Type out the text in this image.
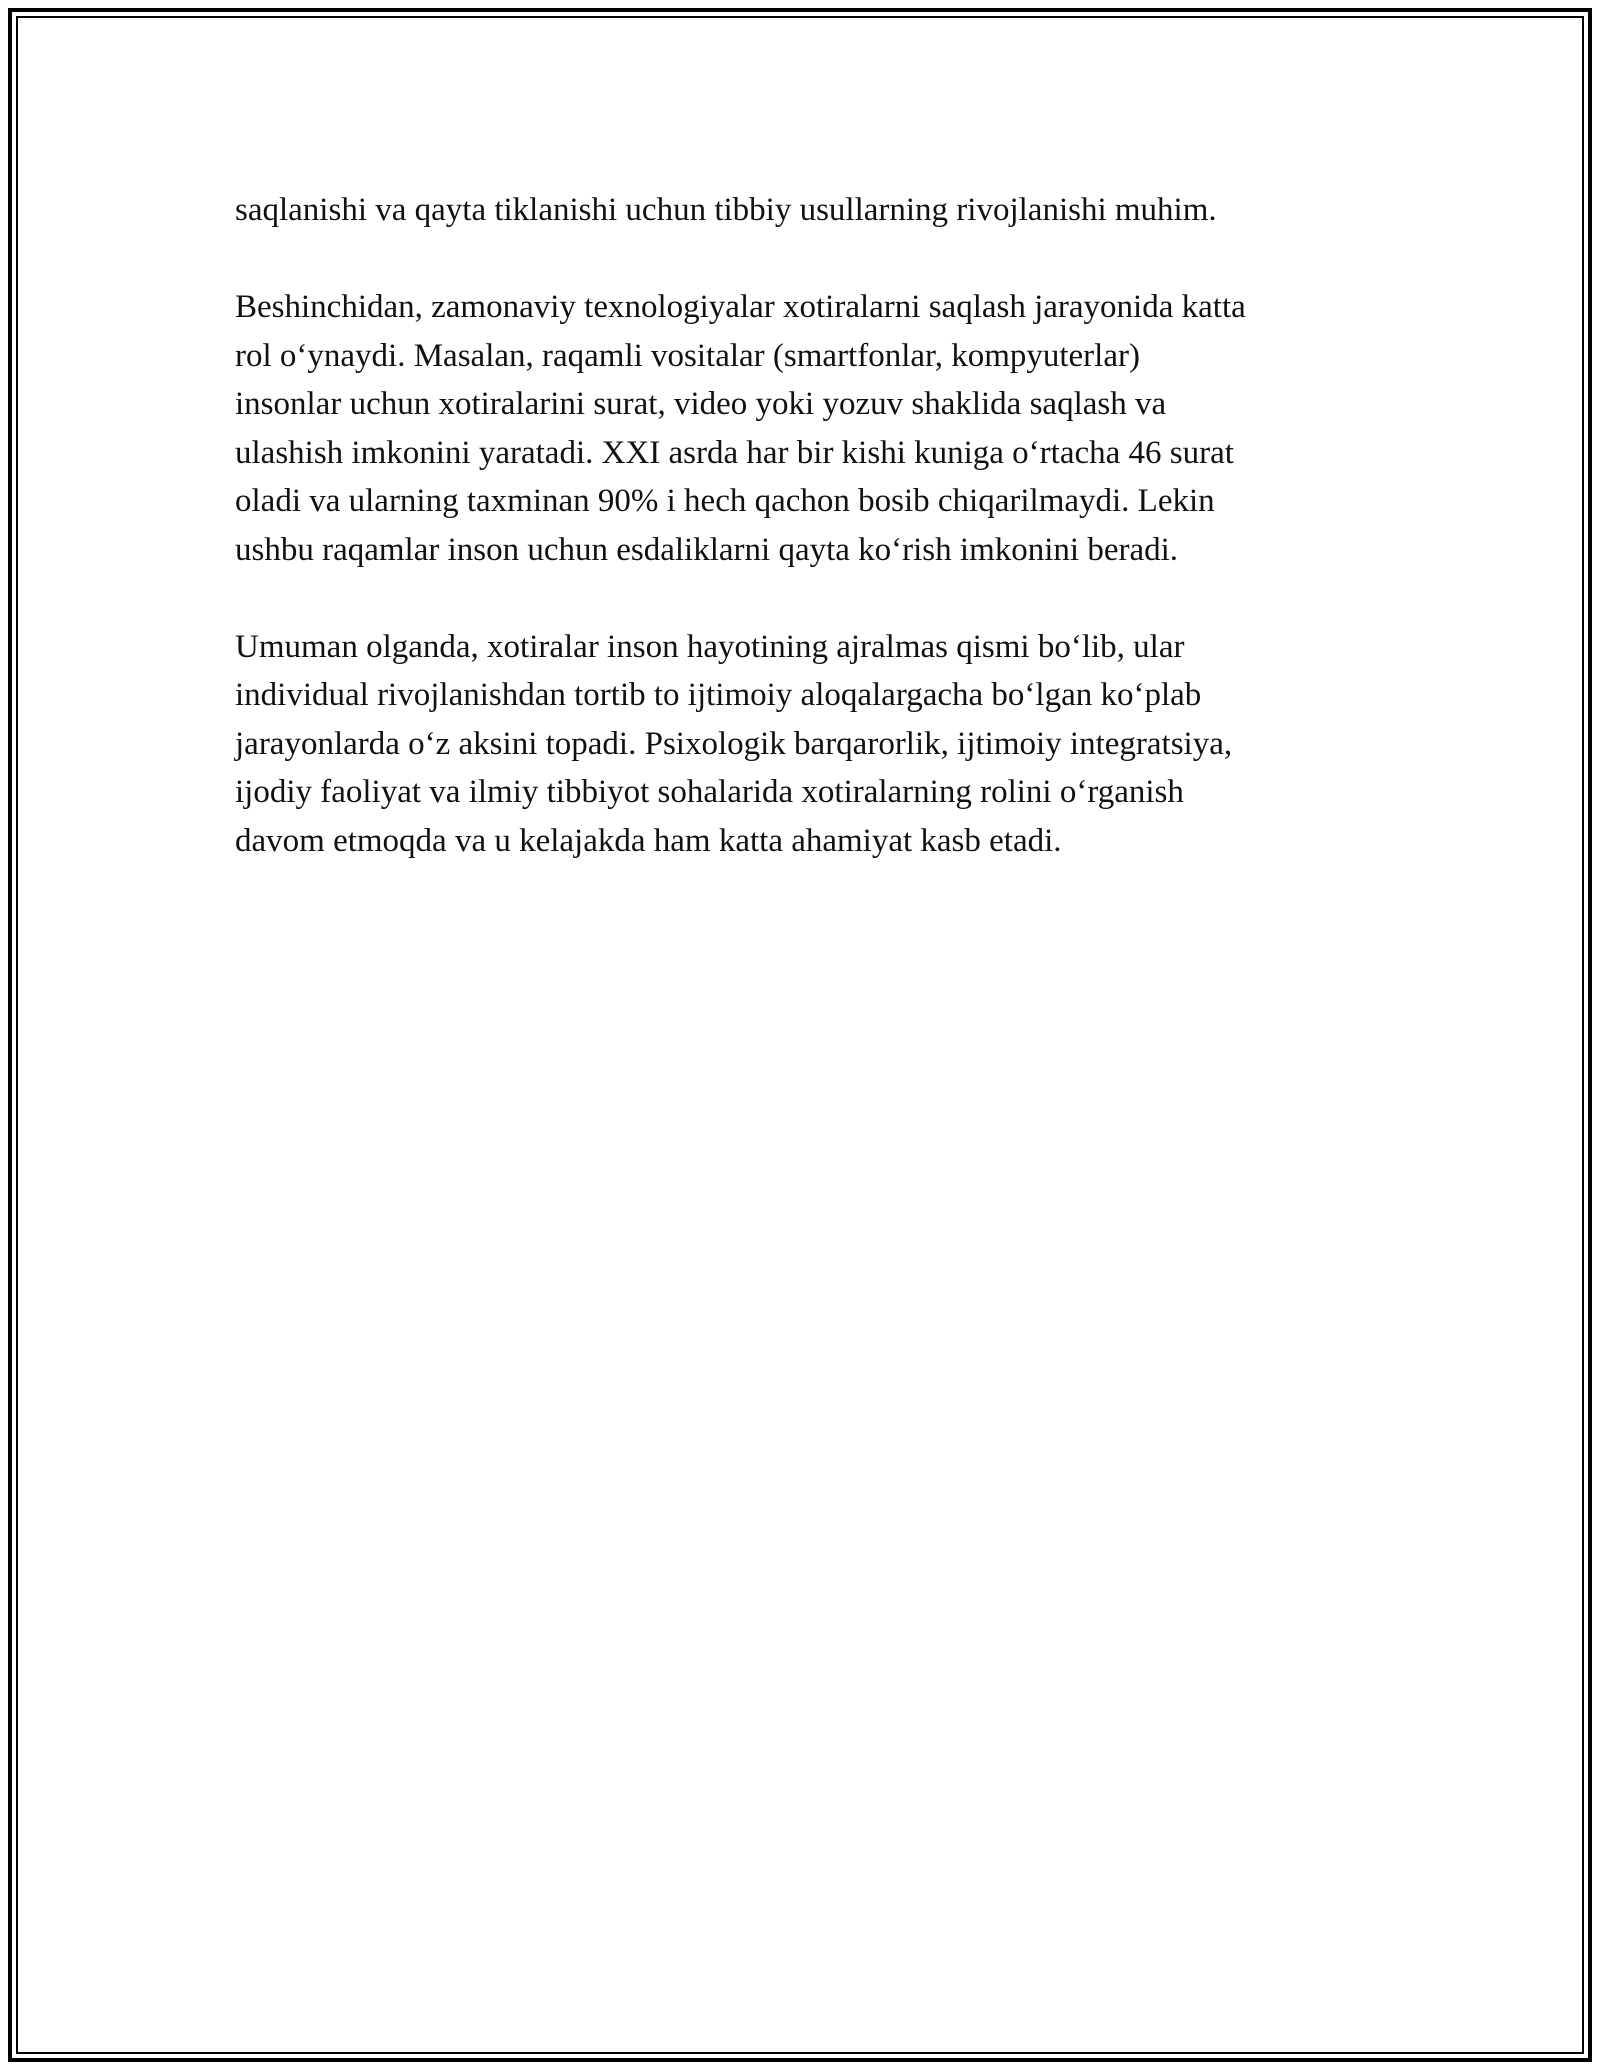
saqlanishi va qayta tiklanishi uchun tibbiy usullarning rivojlanishi muhim.

Beshinchidan, zamonaviy texnologiyalar xotiralarni saqlash jarayonida katta
rol o‘ynaydi. Masalan, raqamli vositalar (smartfonlar, kompyuterlar)
insonlar uchun xotiralarini surat, video yoki yozuv shaklida saqlash va
ulashish imkonini yaratadi. XXI asrda har bir kishi kuniga o‘rtacha 46 surat
oladi va ularning taxminan 90% i hech qachon bosib chiqarilmaydi. Lekin
ushbu raqamlar inson uchun esdaliklarni qayta ko‘rish imkonini beradi.

Umuman olganda, xotiralar inson hayotining ajralmas qismi bo‘lib, ular
individual rivojlanishdan tortib to ijtimoiy aloqalargacha bo‘lgan ko‘plab
jarayonlarda o‘z aksini topadi. Psixologik barqarorlik, ijtimoiy integratsiya,
ijodiy faoliyat va ilmiy tibbiyot sohalarida xotiralarning rolini o‘rganish
davom etmoqda va u kelajakda ham katta ahamiyat kasb etadi.
